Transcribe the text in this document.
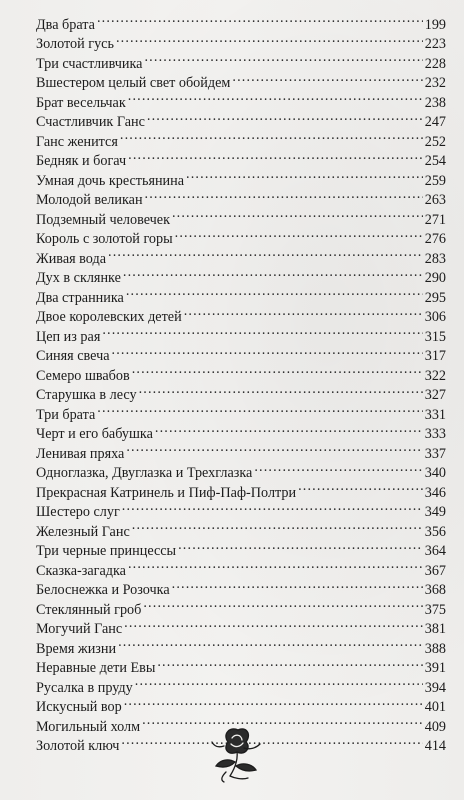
Два брата . . .	199
Золотой гусь . . .	223
Три счастливчика . . .	228
Вшестером целый свет обойдем . . .	232
Брат весельчак . . .	238
Счастливчик Ганс . . .	247
Ганс женится . . .	252
Бедняк и богач . . .	254
Умная дочь крестьянина . . .	259
Молодой великан . . .	263
Подземный человечек . . .	271
Король с золотой горы . . .	276
Живая вода . . .	283
Дух в склянке . . .	290
Два странника . . .	295
Двое королевских детей . . .	306
Цеп из рая . . .	315
Синяя свеча . . .	317
Семеро швабов . . .	322
Старушка в лесу . . .	327
Три брата . . .	331
Черт и его бабушка . . .	333
Ленивая пряха . . .	337
Одноглазка, Двуглазка и Трехглазка . . .	340
Прекрасная Катринель и Пиф-Паф-Полтри . . .	346
Шестеро слуг . . .	349
Железный Ганс . . .	356
Три черные принцессы . . .	364
Сказка-загадка . . .	367
Белоснежка и Розочка . . .	368
Стеклянный гроб . . .	375
Могучий Ганс . . .	381
Время жизни . . .	388
Неравные дети Евы . . .	391
Русалка в пруду . . .	394
Искусный вор . . .	401
Могильный холм . . .	409
Золотой ключ . . .	414
